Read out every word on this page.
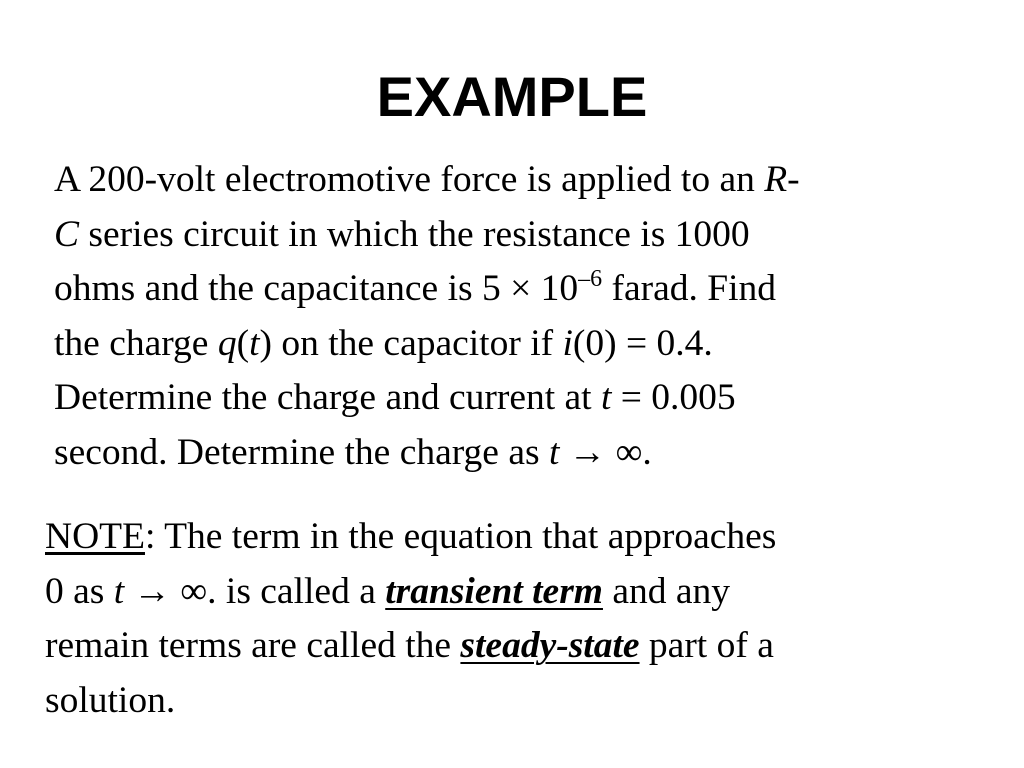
EXAMPLE
A 200-volt electromotive force is applied to an R-
C series circuit in which the resistance is 1000
ohms and the capacitance is $5 \times 10^{-6}$ farad. Find
the charge q(t) on the capacitor if i(0) = 0.4.
Determine the charge and current at t = 0.005
second. Determine the charge as t → ∞.
NOTE: The term in the equation that approaches
0 as t → ∞. is called a transient term and any
remain terms are called the steady-state part of a
solution.
